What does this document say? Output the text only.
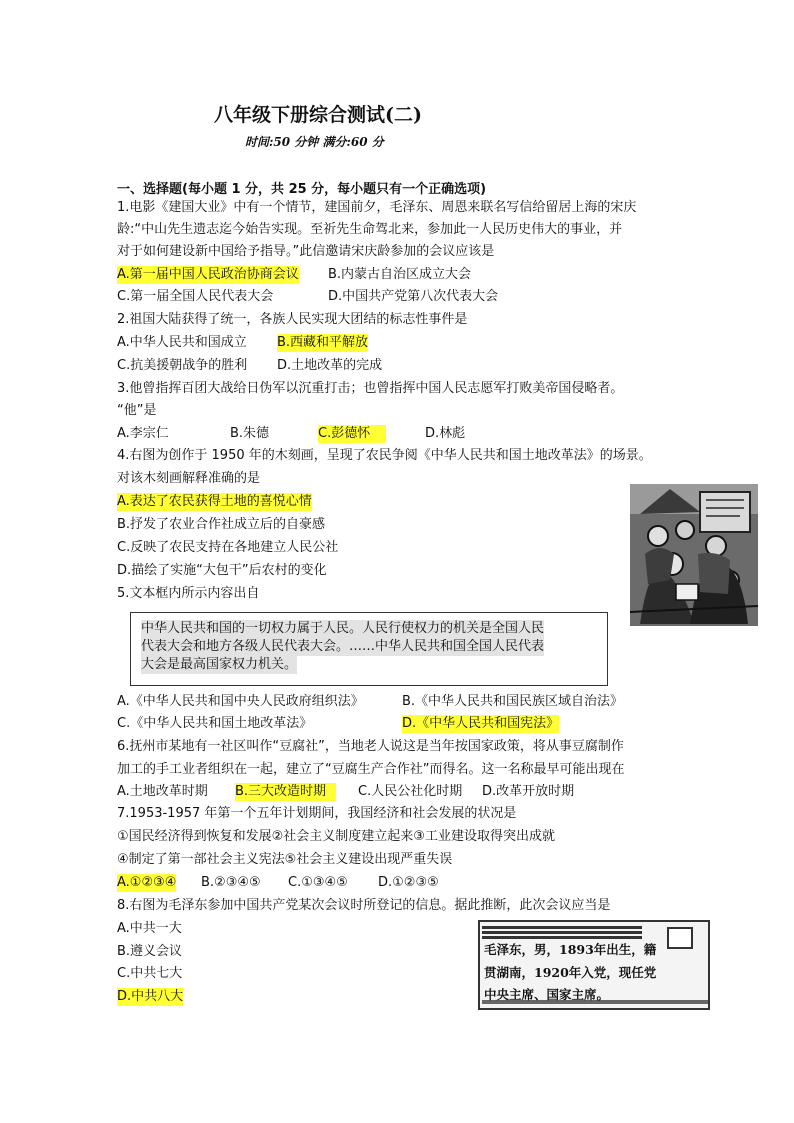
八年级下册综合测试(二)
时间:50 分钟 满分:60 分
一、选择题(每小题 1 分，共 25 分，每小题只有一个正确选项)
1.电影《建国大业》中有一个情节，建国前夕，毛泽东、周恩来联名写信给留居上海的宋庆
龄:“中山先生遗志迄今始告实现。至祈先生命驾北来，参加此一人民历史伟大的事业，并
对于如何建设新中国给予指导。”此信邀请宋庆龄参加的会议应该是
A.第一届中国人民政治协商会议 B.内蒙古自治区成立大会
C.第一届全国人民代表大会	D.中国共产党第八次代表大会
2.祖国大陆获得了统一，各族人民实现大团结的标志性事件是
A.中华人民共和国成立 B.西藏和平解放
C.抗美援朝战争的胜利 D.土地改革的完成
3.他曾指挥百团大战给日伪军以沉重打击；也曾指挥中国人民志愿军打败美帝国侵略者。
“他”是
A.李宗仁	B.朱德	C.彭德怀	D.林彪
4.右图为创作于 1950 年的木刻画，呈现了农民争阅《中华人民共和国土地改革法》的场景。
对该木刻画解释准确的是
A.表达了农民获得土地的喜悦心情
B.抒发了农业合作社成立后的自豪感
C.反映了农民支持在各地建立人民公社
D.描绘了实施“大包干”后农村的变化
5.文本框内所示内容出自
中华人民共和国的一切权力属于人民。人民行使权力的机关是全国人民
代表大会和地方各级人民代表大会。……中华人民共和国全国人民代表
大会是最高国家权力机关。
A.《中华人民共和国中央人民政府组织法》	B.《中华人民共和国民族区域自治法》
C.《中华人民共和国土地改革法》	D.《中华人民共和国宪法》
6.抚州市某地有一社区叫作“豆腐社”，当地老人说这是当年按国家政策，将从事豆腐制作
加工的手工业者组织在一起，建立了“豆腐生产合作社”而得名。这一名称最早可能出现在
A.土地改革时期 B.三大改造时期	C.人民公社化时期 D.改革开放时期
7.1953-1957 年第一个五年计划期间，我国经济和社会发展的状况是
①国民经济得到恢复和发展②社会主义制度建立起来③工业建设取得突出成就
④制定了第一部社会主义宪法⑤社会主义建设出现严重失误
A.①②③④ B.②③④⑤ C.①③④⑤ D.①②③⑤
8.右图为毛泽东参加中国共产党某次会议时所登记的信息。据此推断，此次会议应当是
A.中共一大
B.遵义会议
C.中共七大
D.中共八大
毛泽东，男，1893年出生，籍
贯湖南，1920年入党，现任党
中央主席、国家主席。
